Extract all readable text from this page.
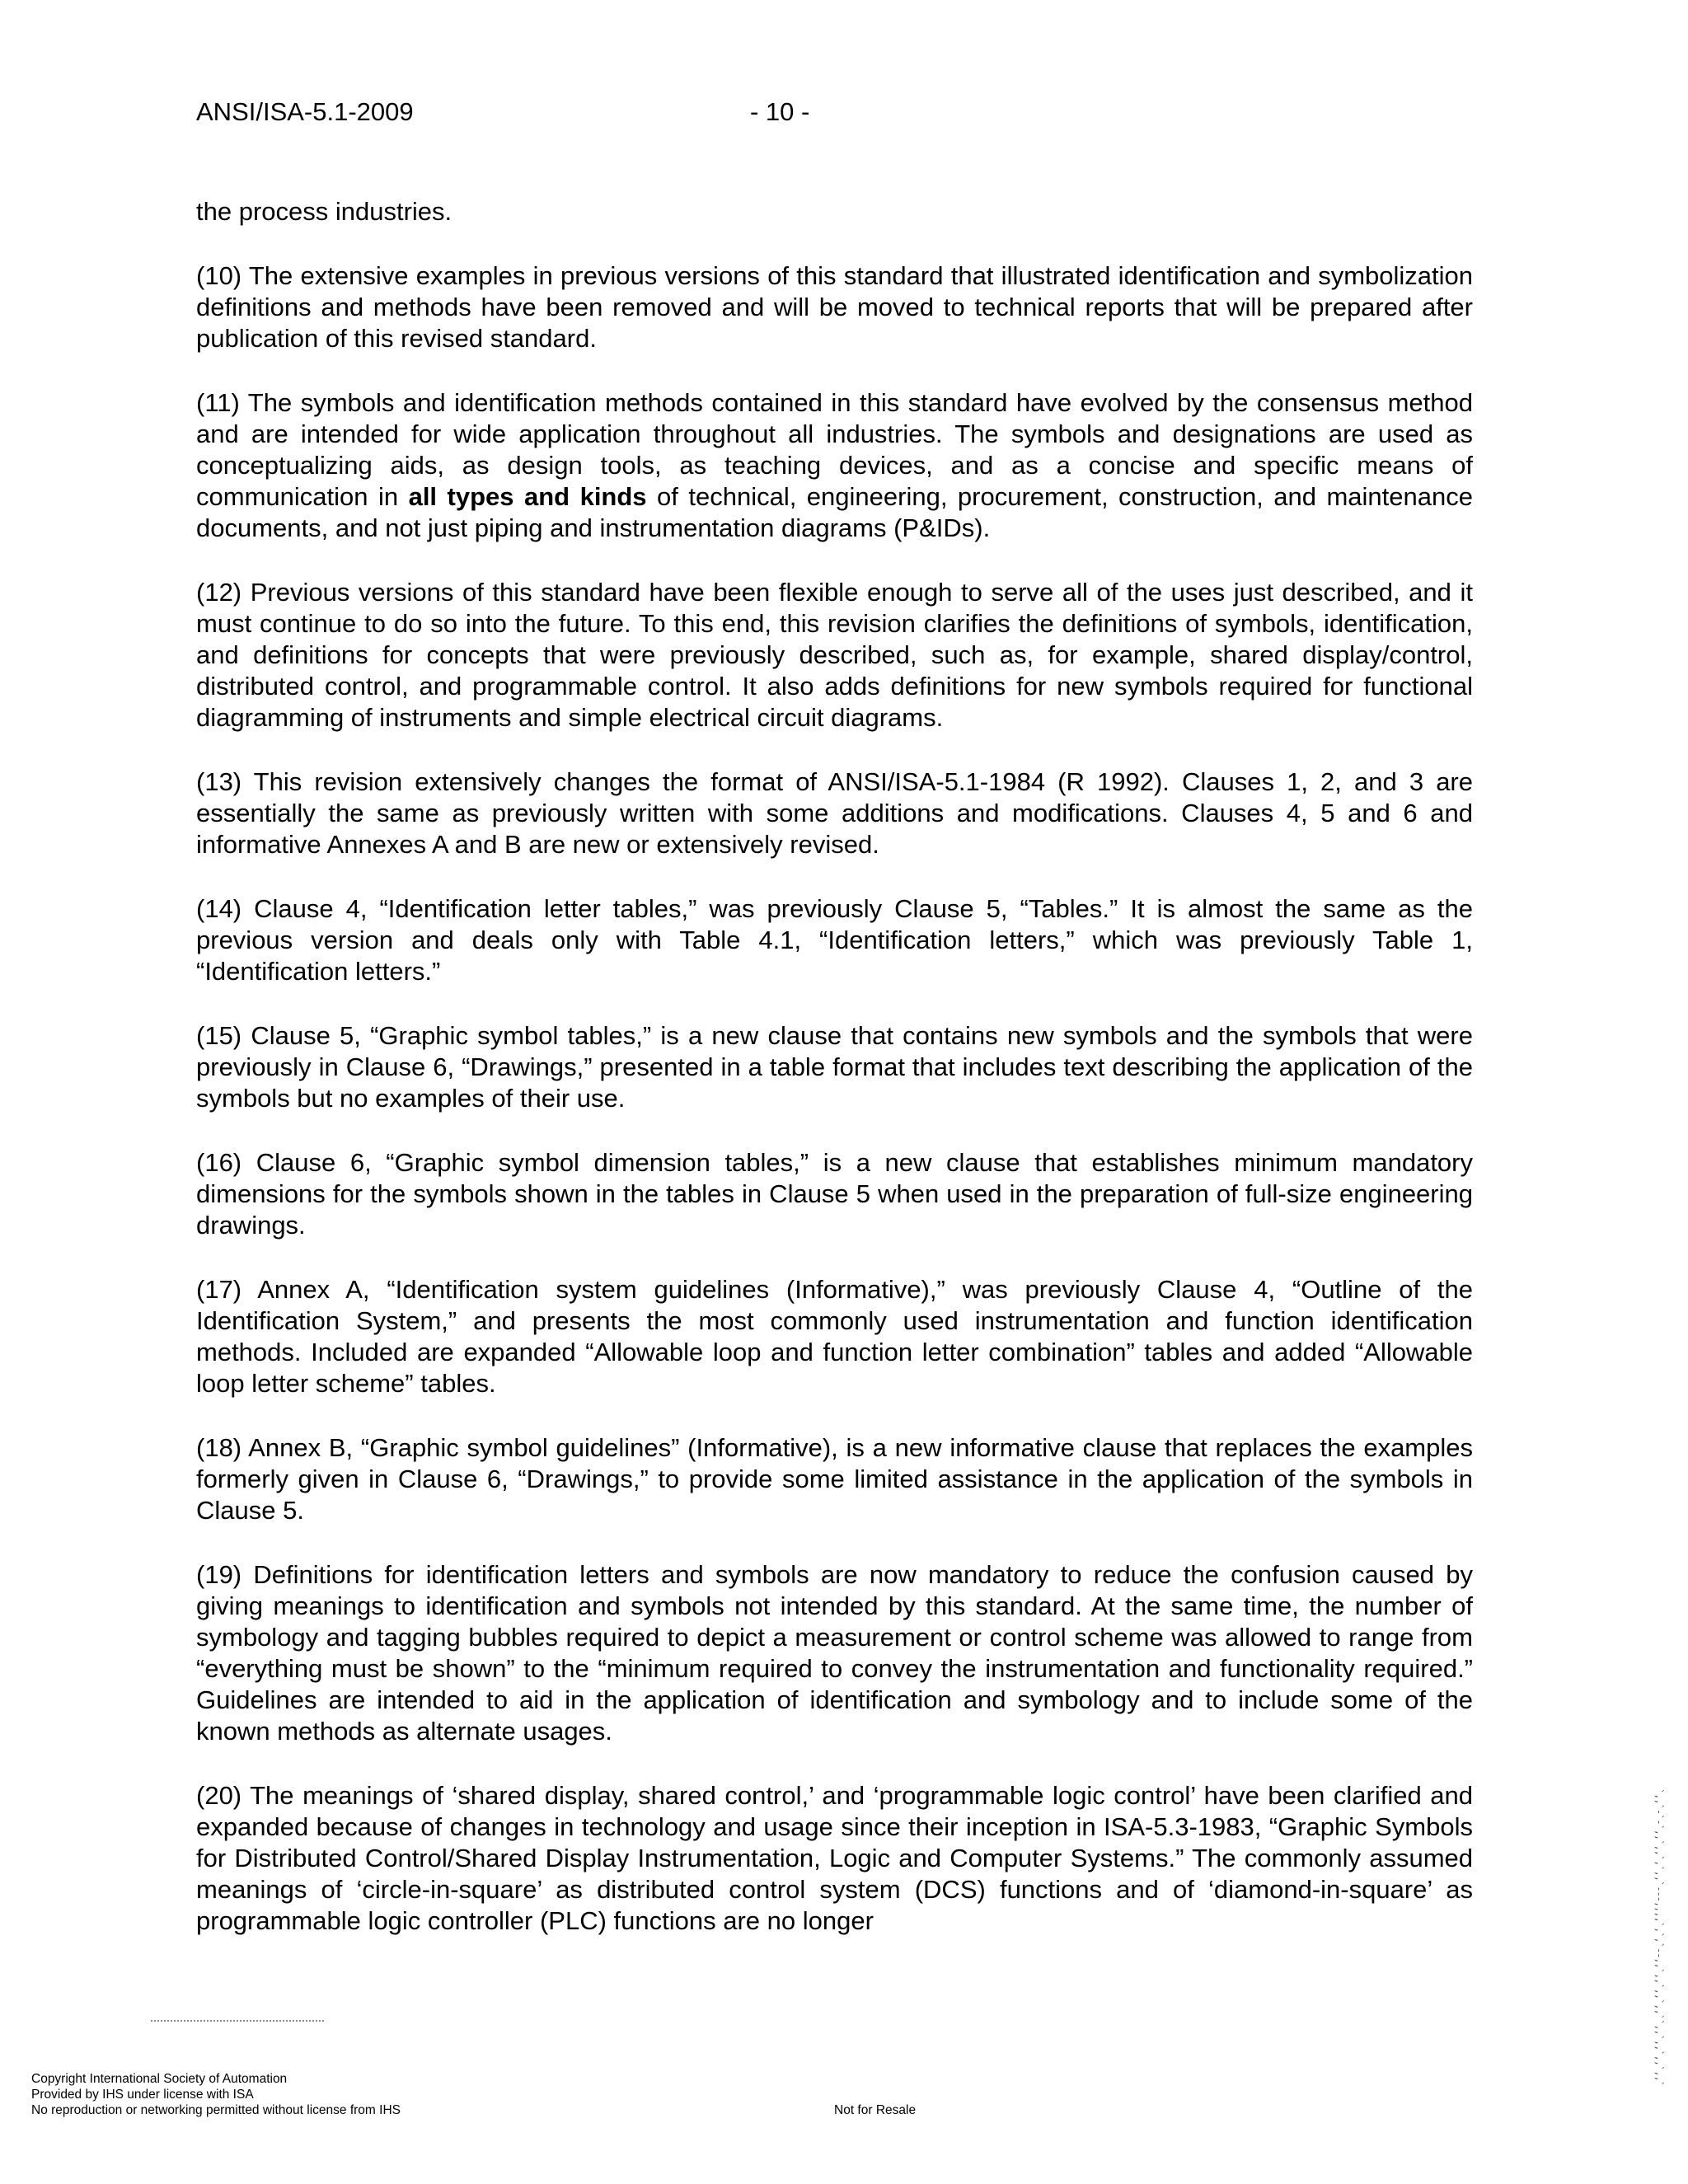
ANSI/ISA-5.1-2009	- 10 -

the process industries.

(10) The extensive examples in previous versions of this standard that illustrated identification and symbolization definitions and methods have been removed and will be moved to technical reports that will be prepared after publication of this revised standard.

(11) The symbols and identification methods contained in this standard have evolved by the consensus method and are intended for wide application throughout all industries. The symbols and designations are used as conceptualizing aids, as design tools, as teaching devices, and as a concise and specific means of communication in all types and kinds of technical, engineering, procurement, construction, and maintenance documents, and not just piping and instrumentation diagrams (P&IDs).

(12) Previous versions of this standard have been flexible enough to serve all of the uses just described, and it must continue to do so into the future. To this end, this revision clarifies the definitions of symbols, identification, and definitions for concepts that were previously described, such as, for example, shared display/control, distributed control, and programmable control. It also adds definitions for new symbols required for functional diagramming of instruments and simple electrical circuit diagrams.

(13) This revision extensively changes the format of ANSI/ISA-5.1-1984 (R 1992). Clauses 1, 2, and 3 are essentially the same as previously written with some additions and modifications. Clauses 4, 5 and 6 and informative Annexes A and B are new or extensively revised.

(14) Clause 4, “Identification letter tables,” was previously Clause 5, “Tables.” It is almost the same as the previous version and deals only with Table 4.1, “Identification letters,” which was previously Table 1, “Identification letters.”

(15) Clause 5, “Graphic symbol tables,” is a new clause that contains new symbols and the symbols that were previously in Clause 6, “Drawings,” presented in a table format that includes text describing the application of the symbols but no examples of their use.

(16) Clause 6, “Graphic symbol dimension tables,” is a new clause that establishes minimum mandatory dimensions for the symbols shown in the tables in Clause 5 when used in the preparation of full-size engineering drawings.

(17) Annex A, “Identification system guidelines (Informative),” was previously Clause 4, “Outline of the Identification System,” and presents the most commonly used instrumentation and function identification methods. Included are expanded “Allowable loop and function letter combination” tables and added “Allowable loop letter scheme” tables.

(18) Annex B, “Graphic symbol guidelines” (Informative), is a new informative clause that replaces the examples formerly given in Clause 6, “Drawings,” to provide some limited assistance in the application of the symbols in Clause 5.

(19) Definitions for identification letters and symbols are now mandatory to reduce the confusion caused by giving meanings to identification and symbols not intended by this standard. At the same time, the number of symbology and tagging bubbles required to depict a measurement or control scheme was allowed to range from “everything must be shown” to the “minimum required to convey the instrumentation and functionality required.” Guidelines are intended to aid in the application of identification and symbology and to include some of the known methods as alternate usages.

(20) The meanings of ‘shared display, shared control,’ and ‘programmable logic control’ have been clarified and expanded because of changes in technology and usage since their inception in ISA-5.3-1983, “Graphic Symbols for Distributed Control/Shared Display Instrumentation, Logic and Computer Systems.” The commonly assumed meanings of ‘circle-in-square’ as distributed control system (DCS) functions and of ‘diamond-in-square’ as programmable logic controller (PLC) functions are no longer	`,,`-`-`,,`,,`,`,,`---,,,,`,`,`--,,`,,`,,`,,``,,`,,`,,`,,`
Copyright International Society of Automation
Provided by IHS under license with ISA
No reproduction or networking permitted without license from IHS	Not for Resale
